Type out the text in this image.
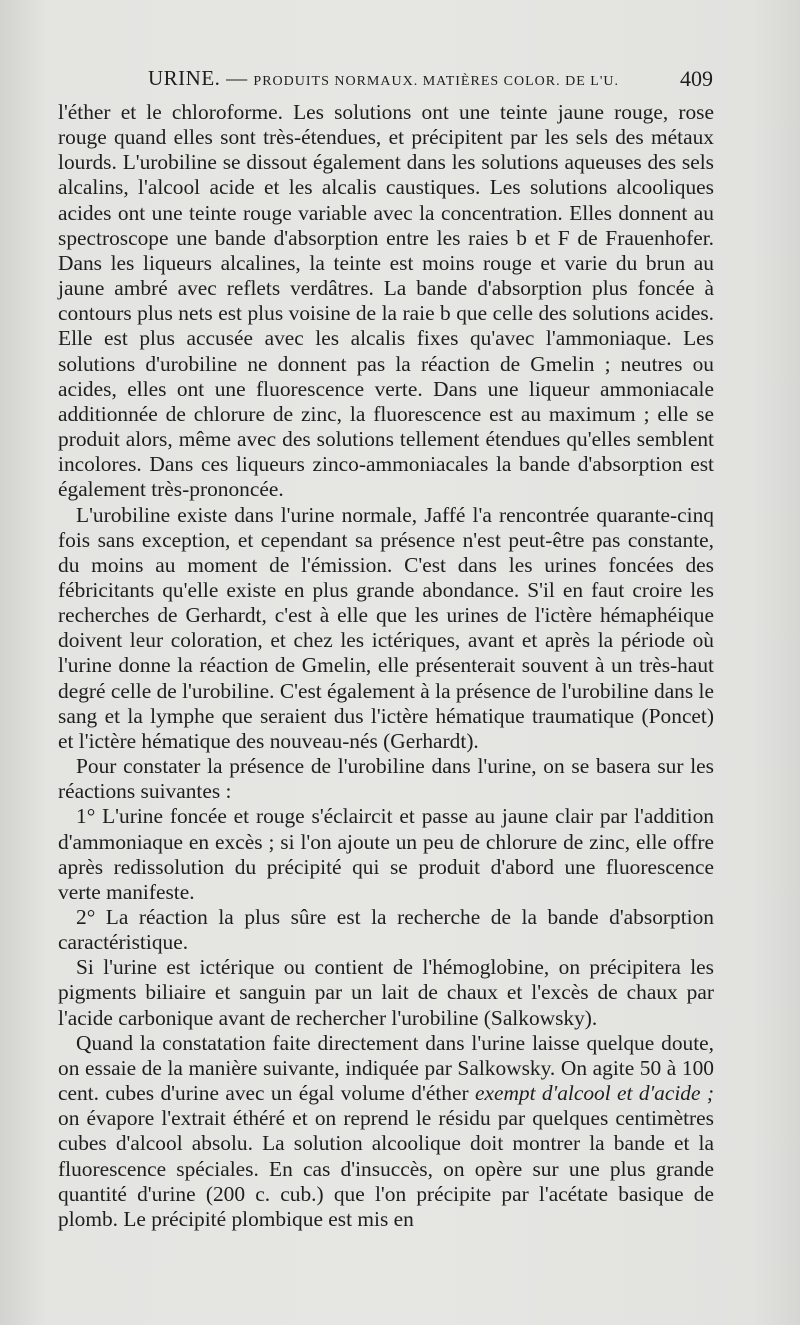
URINE. — PRODUITS NORMAUX. MATIÈRES COLOR. DE L'U.	409

l'éther et le chloroforme. Les solutions ont une teinte jaune rouge, rose rouge quand elles sont très-étendues, et précipitent par les sels des métaux lourds. L'urobiline se dissout également dans les solutions aqueuses des sels alcalins, l'alcool acide et les alcalis caustiques. Les solutions alcooliques acides ont une teinte rouge variable avec la concentration. Elles donnent au spectroscope une bande d'absorption entre les raies b et F de Frauenhofer. Dans les liqueurs alcalines, la teinte est moins rouge et varie du brun au jaune ambré avec reflets verdâtres. La bande d'absorption plus foncée à contours plus nets est plus voisine de la raie b que celle des solutions acides. Elle est plus accusée avec les alcalis fixes qu'avec l'ammoniaque. Les solutions d'urobiline ne donnent pas la réaction de Gmelin ; neutres ou acides, elles ont une fluorescence verte. Dans une liqueur ammoniacale additionnée de chlorure de zinc, la fluorescence est au maximum ; elle se produit alors, même avec des solutions tellement étendues qu'elles semblent incolores. Dans ces liqueurs zinco-ammoniacales la bande d'absorption est également très-prononcée.

L'urobiline existe dans l'urine normale, Jaffé l'a rencontrée quarante-cinq fois sans exception, et cependant sa présence n'est peut-être pas constante, du moins au moment de l'émission. C'est dans les urines foncées des fébricitants qu'elle existe en plus grande abondance. S'il en faut croire les recherches de Gerhardt, c'est à elle que les urines de l'ictère hémaphéique doivent leur coloration, et chez les ictériques, avant et après la période où l'urine donne la réaction de Gmelin, elle présenterait souvent à un très-haut degré celle de l'urobiline. C'est également à la présence de l'urobiline dans le sang et la lymphe que seraient dus l'ictère hématique traumatique (Poncet) et l'ictère hématique des nouveau-nés (Gerhardt).

Pour constater la présence de l'urobiline dans l'urine, on se basera sur les réactions suivantes :

1° L'urine foncée et rouge s'éclaircit et passe au jaune clair par l'addition d'ammoniaque en excès ; si l'on ajoute un peu de chlorure de zinc, elle offre après redissolution du précipité qui se produit d'abord une fluorescence verte manifeste.

2° La réaction la plus sûre est la recherche de la bande d'absorption caractéristique.

Si l'urine est ictérique ou contient de l'hémoglobine, on précipitera les pigments biliaire et sanguin par un lait de chaux et l'excès de chaux par l'acide carbonique avant de rechercher l'urobiline (Salkowsky).

Quand la constatation faite directement dans l'urine laisse quelque doute, on essaie de la manière suivante, indiquée par Salkowsky. On agite 50 à 100 cent. cubes d'urine avec un égal volume d'éther exempt d'alcool et d'acide ; on évapore l'extrait éthéré et on reprend le résidu par quelques centimètres cubes d'alcool absolu. La solution alcoolique doit montrer la bande et la fluorescence spéciales. En cas d'insuccès, on opère sur une plus grande quantité d'urine (200 c. cub.) que l'on précipite par l'acétate basique de plomb. Le précipité plombique est mis en
